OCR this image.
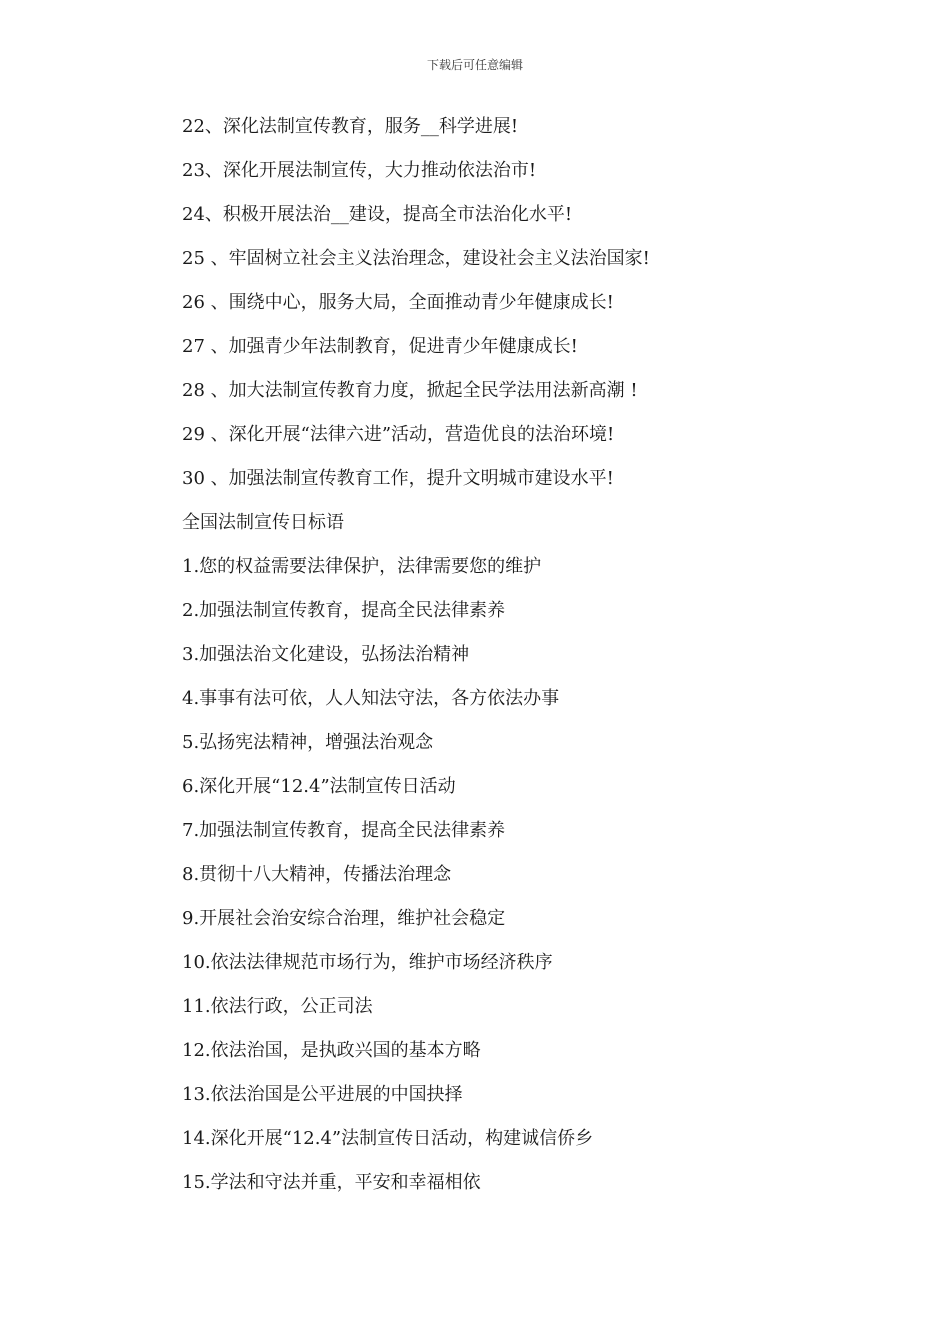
下载后可任意编辑
22、深化法制宣传教育，服务__科学进展!
23、深化开展法制宣传，大力推动依法治市!
24、积极开展法治__建设，提高全市法治化水平!
25 、牢固树立社会主义法治理念，建设社会主义法治国家!
26 、围绕中心，服务大局，全面推动青少年健康成长!
27 、加强青少年法制教育，促进青少年健康成长!
28 、加大法制宣传教育力度，掀起全民学法用法新高潮 !
29 、深化开展“法律六进”活动，营造优良的法治环境!
30 、加强法制宣传教育工作，提升文明城市建设水平!
全国法制宣传日标语
1.您的权益需要法律保护，法律需要您的维护
2.加强法制宣传教育，提高全民法律素养
3.加强法治文化建设，弘扬法治精神
4.事事有法可依，人人知法守法，各方依法办事
5.弘扬宪法精神，增强法治观念
6.深化开展“12.4”法制宣传日活动
7.加强法制宣传教育，提高全民法律素养
8.贯彻十八大精神，传播法治理念
9.开展社会治安综合治理，维护社会稳定
10.依法法律规范市场行为，维护市场经济秩序
11.依法行政，公正司法
12.依法治国，是执政兴国的基本方略
13.依法治国是公平进展的中国抉择
14.深化开展“12.4”法制宣传日活动，构建诚信侨乡
15.学法和守法并重，平安和幸福相依
